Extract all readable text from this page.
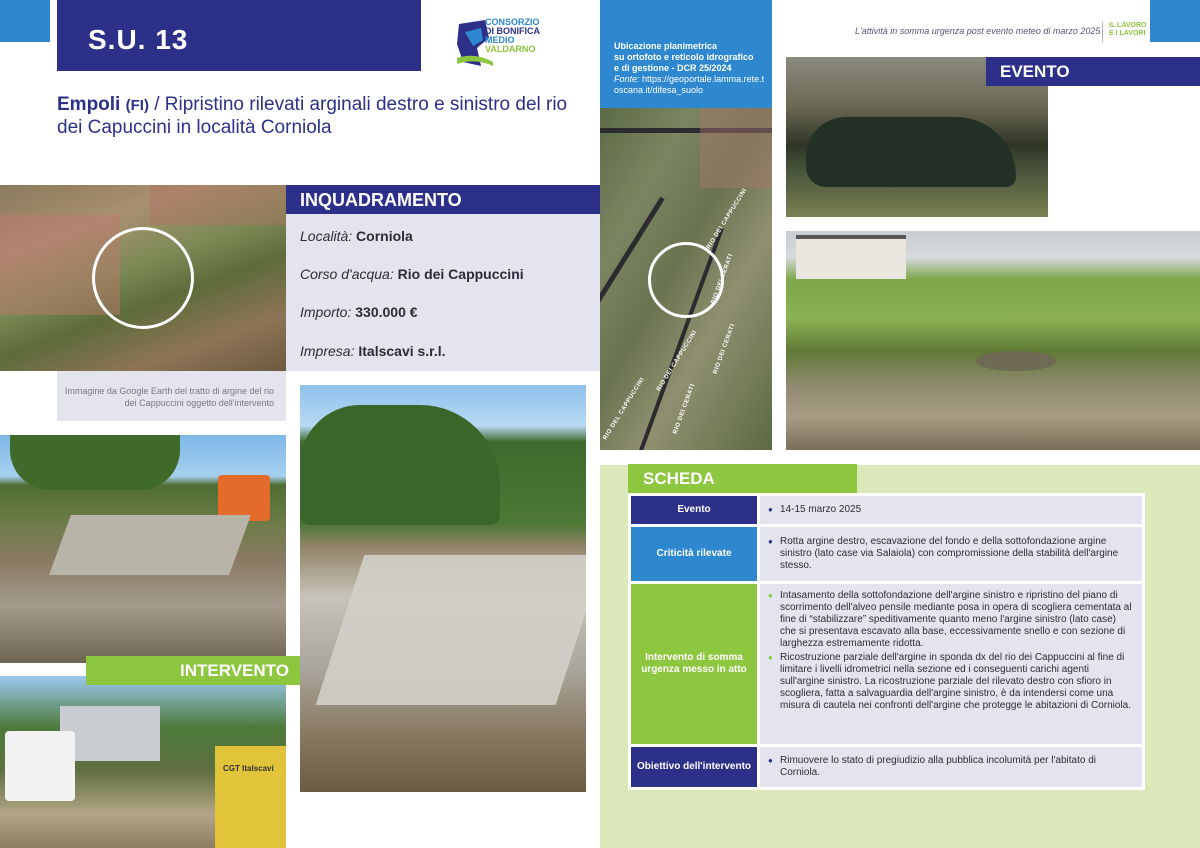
S.U. 13
CONSORZIO
DI BONIFICA
MEDIO
VALDARNO
Empoli (FI) / Ripristino rilevati arginali destro e sinistro del rio dei Capuccini in località Corniola
Immagine da Google Earth del tratto di argine del rio dei Cappuccini oggetto dell'intervento
INQUADRAMENTO
Località: Corniola
Corso d'acqua: Rio dei Cappuccini
Importo: 330.000 €
Impresa: Italscavi s.r.l.
CGT Italscavi
INTERVENTO
Ubicazione planimetrica
su ortofoto e reticolo idrografico
e di gestione - DCR 25/2024
Fonte: https://geoportale.lamma.rete.toscana.it/difesa_suolo
RIO DEI CAPPUCCINI
RIO DEI CAPPUCCINI
RIO DEI CERATI
RIO DEL CAPPUCCINI	RIO DEI CERATI
RIO DEI CERATI
L'attività in somma urgenza post evento meteo di marzo 2025
IL LAVORO
E I LAVORI
EVENTO
SCHEDA
Evento
●	14-15 marzo 2025
Criticità rilevate
● Rotta argine destro, escavazione del fondo e della sottofondazione argine sinistro (lato case via Salaiola) con compromissione della stabilità dell'argine stesso.
Intervento di somma urgenza messo in atto
● Intasamento della sottofondazione dell'argine sinistro e ripristino del piano di scorrimento dell'alveo pensile mediante posa in opera di scogliera cementata al fine di “stabilizzare” speditivamente quanto meno l'argine sinistro (lato case) che si presentava escavato alla base, eccessivamente snello e con sezione di larghezza estremamente ridotta.
● Ricostruzione parziale dell'argine in sponda dx del rio dei Cappuccini al fine di limitare i livelli idrometrici nella sezione ed i conseguenti carichi agenti sull'argine sinistro. La ricostruzione parziale del rilevato destro con sfioro in scogliera, fatta a salvaguardia dell'argine sinistro, è da intendersi come una misura di cautela nei confronti dell'argine che protegge le abitazioni di Corniola.
Obiettivo dell'intervento
● Rimuovere lo stato di pregiudizio alla pubblica incolumità per l'abitato di Corniola.
